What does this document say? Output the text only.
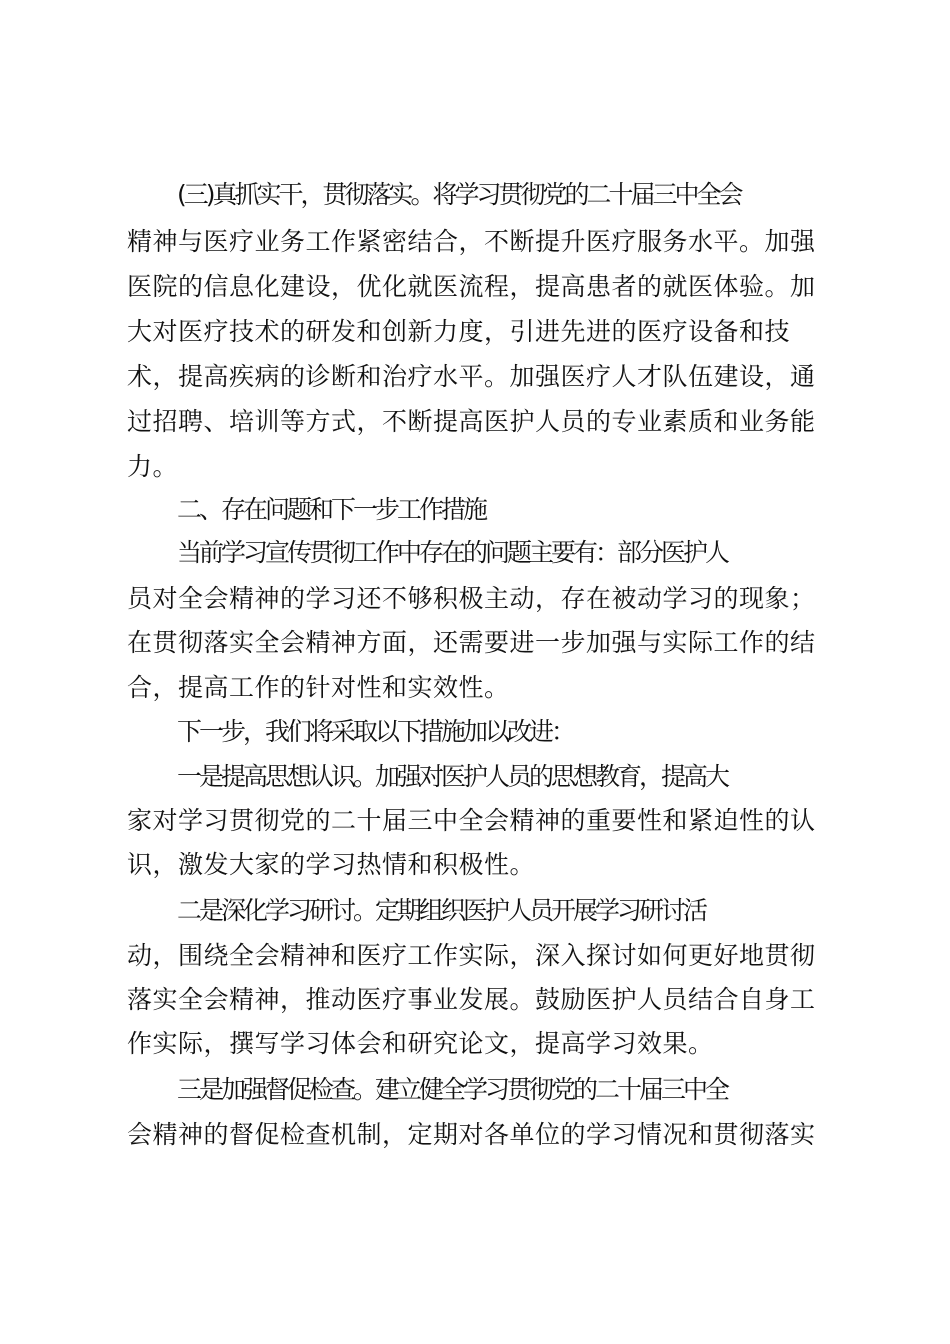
(三)真抓实干，贯彻落实。将学习贯彻党的二十届三中全会

精神与医疗业务工作紧密结合，不断提升医疗服务水平。加强

医院的信息化建设，优化就医流程，提高患者的就医体验。加

大对医疗技术的研发和创新力度，引进先进的医疗设备和技

术，提高疾病的诊断和治疗水平。加强医疗人才队伍建设，通

过招聘、培训等方式，不断提高医护人员的专业素质和业务能

力。

二、存在问题和下一步工作措施

当前学习宣传贯彻工作中存在的问题主要有：部分医护人

员对全会精神的学习还不够积极主动，存在被动学习的现象；

在贯彻落实全会精神方面，还需要进一步加强与实际工作的结

合，提高工作的针对性和实效性。

下一步，我们将采取以下措施加以改进：

一是提高思想认识。加强对医护人员的思想教育，提高大

家对学习贯彻党的二十届三中全会精神的重要性和紧迫性的认

识，激发大家的学习热情和积极性。

二是深化学习研讨。定期组织医护人员开展学习研讨活

动，围绕全会精神和医疗工作实际，深入探讨如何更好地贯彻

落实全会精神，推动医疗事业发展。鼓励医护人员结合自身工

作实际，撰写学习体会和研究论文，提高学习效果。

三是加强督促检查。建立健全学习贯彻党的二十届三中全

会精神的督促检查机制，定期对各单位的学习情况和贯彻落实
